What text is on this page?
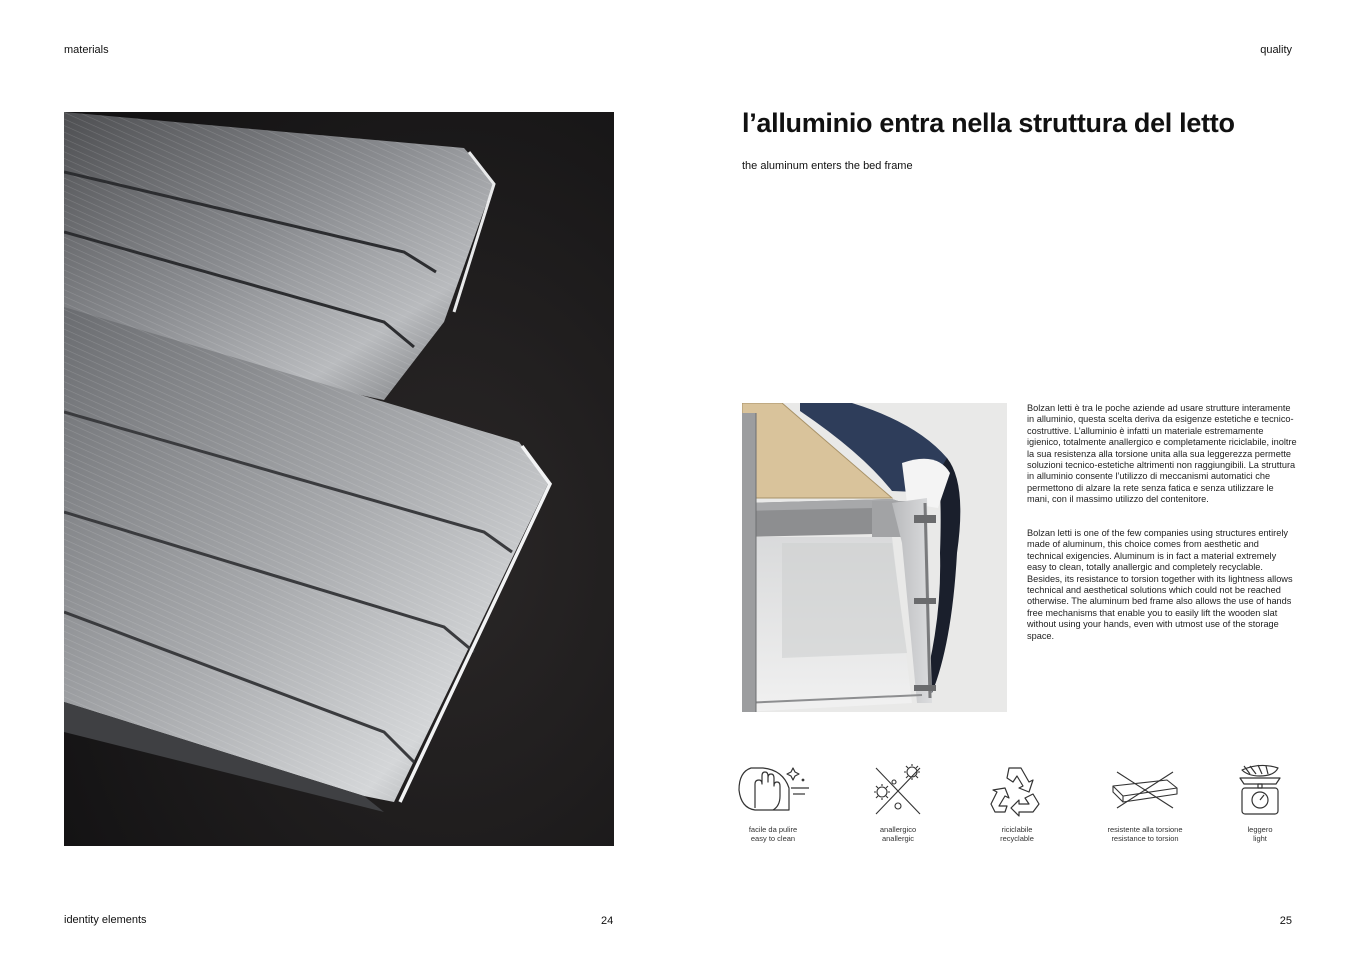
materials	quality
l’alluminio entra nella struttura del letto
the aluminum enters the bed frame

Bolzan letti è tra le poche aziende ad usare strutture interamente in alluminio, questa scelta deriva da esigenze estetiche e tecnico-costruttive. L’alluminio è infatti un materiale estremamente igienico, totalmente anallergico e completamente riciclabile, inoltre la sua resistenza alla torsione unita alla sua leggerezza permette soluzioni tecnico-estetiche altrimenti non raggiungibili. La struttura in alluminio consente l’utilizzo di meccanismi automatici che permettono di alzare la rete senza fatica e senza utilizzare le mani, con il massimo utilizzo del contenitore.

Bolzan letti is one of the few companies using structures entirely made of aluminum, this choice comes from aesthetic and technical exigencies. Aluminum is in fact a material extremely easy to clean, totally anallergic and completely recyclable. Besides, its resistance to torsion together with its lightness allows technical and aesthetical solutions which could not be reached otherwise. The aluminum bed frame also allows the use of hands free mechanisms that enable you to easily lift the wooden slat without using your hands, even with utmost use of the storage space.

facile da pulire
easy to clean
anallergico
anallergic
riciclabile
recyclable
resistente alla torsione
resistance to torsion
leggero
light
identity elements	24	25
